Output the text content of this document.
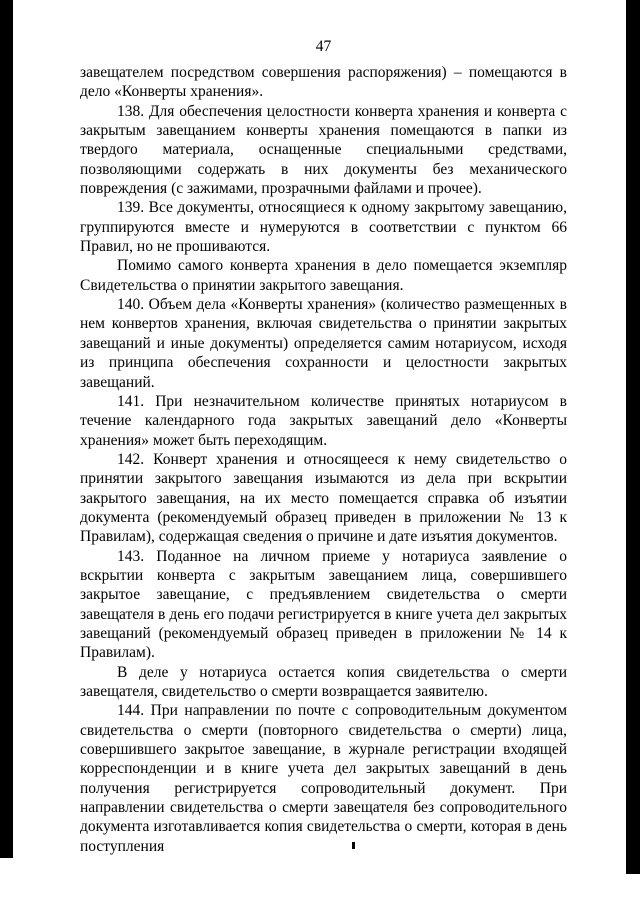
47

завещателем посредством совершения распоряжения) – помещаются в дело «Конверты хранения».

138. Для обеспечения целостности конверта хранения и конверта с закрытым завещанием конверты хранения помещаются в папки из твердого материала, оснащенные специальными средствами, позволяющими содержать в них документы без механического повреждения (с зажимами, прозрачными файлами и прочее).

139. Все документы, относящиеся к одному закрытому завещанию, группируются вместе и нумеруются в соответствии с пунктом 66 Правил, но не прошиваются.

Помимо самого конверта хранения в дело помещается экземпляр Свидетельства о принятии закрытого завещания.

140. Объем дела «Конверты хранения» (количество размещенных в нем конвертов хранения, включая свидетельства о принятии закрытых завещаний и иные документы) определяется самим нотариусом, исходя из принципа обеспечения сохранности и целостности закрытых завещаний.

141. При незначительном количестве принятых нотариусом в течение календарного года закрытых завещаний дело «Конверты хранения» может быть переходящим.

142. Конверт хранения и относящееся к нему свидетельство о принятии закрытого завещания изымаются из дела при вскрытии закрытого завещания, на их место помещается справка об изъятии документа (рекомендуемый образец приведен в приложении № 13 к Правилам), содержащая сведения о причине и дате изъятия документов.

143. Поданное на личном приеме у нотариуса заявление о вскрытии конверта с закрытым завещанием лица, совершившего закрытое завещание, с предъявлением свидетельства о смерти завещателя в день его подачи регистрируется в книге учета дел закрытых завещаний (рекомендуемый образец приведен в приложении № 14 к Правилам).

В деле у нотариуса остается копия свидетельства о смерти завещателя, свидетельство о смерти возвращается заявителю.

144. При направлении по почте с сопроводительным документом свидетельства о смерти (повторного свидетельства о смерти) лица, совершившего закрытое завещание, в журнале регистрации входящей корреспонденции и в книге учета дел закрытых завещаний в день получения регистрируется сопроводительный документ. При направлении свидетельства о смерти завещателя без сопроводительного документа изготавливается копия свидетельства о смерти, которая в день поступления
